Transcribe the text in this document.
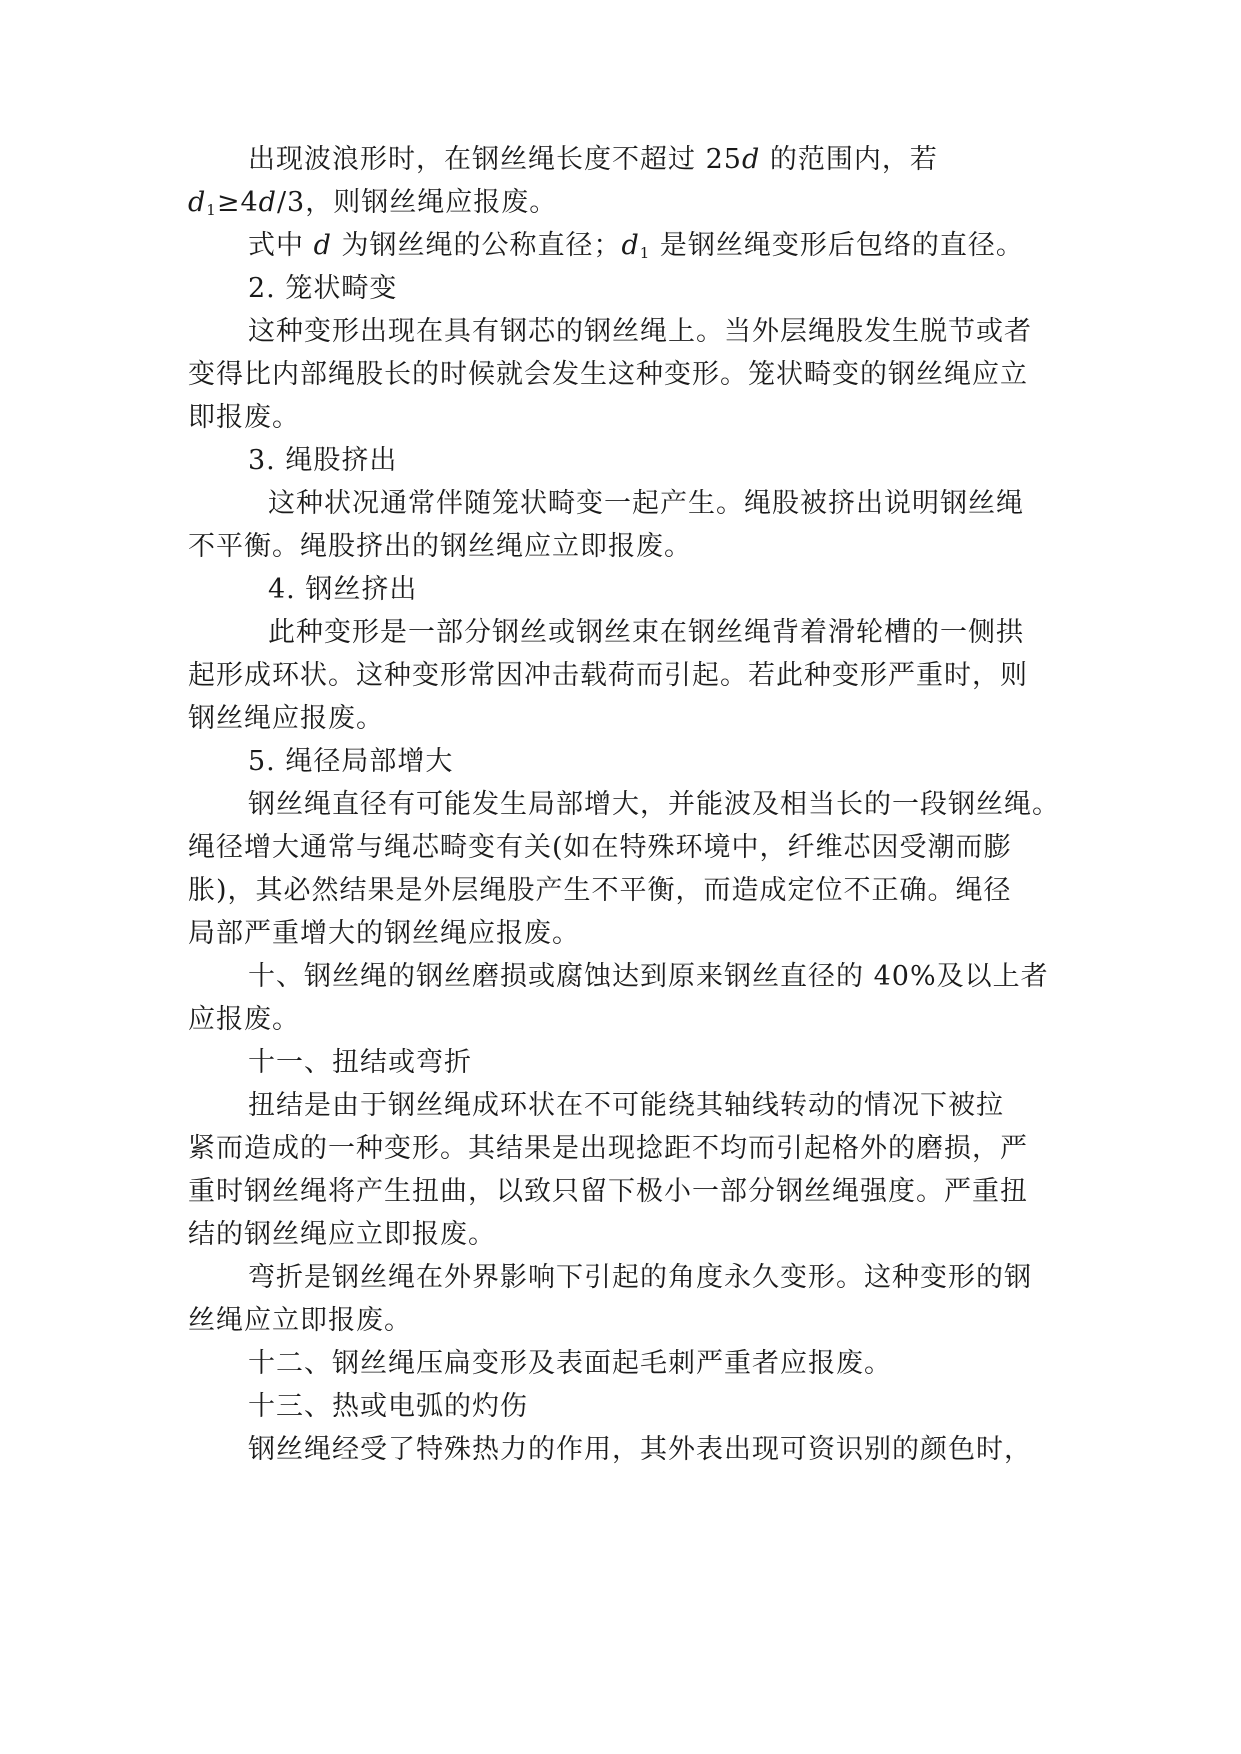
出现波浪形时，在钢丝绳长度不超过 25d 的范围内，若
$d_1\ge 4d/3$，则钢丝绳应报废。
式中 d 为钢丝绳的公称直径；$d_1$ 是钢丝绳变形后包络的直径。
2. 笼状畸变
这种变形出现在具有钢芯的钢丝绳上。当外层绳股发生脱节或者
变得比内部绳股长的时候就会发生这种变形。笼状畸变的钢丝绳应立
即报废。
3. 绳股挤出
这种状况通常伴随笼状畸变一起产生。绳股被挤出说明钢丝绳
不平衡。绳股挤出的钢丝绳应立即报废。
4. 钢丝挤出
此种变形是一部分钢丝或钢丝束在钢丝绳背着滑轮槽的一侧拱
起形成环状。这种变形常因冲击载荷而引起。若此种变形严重时，则
钢丝绳应报废。
5. 绳径局部增大
钢丝绳直径有可能发生局部增大，并能波及相当长的一段钢丝绳。
绳径增大通常与绳芯畸变有关(如在特殊环境中，纤维芯因受潮而膨
胀)，其必然结果是外层绳股产生不平衡，而造成定位不正确。绳径
局部严重增大的钢丝绳应报废。
十、钢丝绳的钢丝磨损或腐蚀达到原来钢丝直径的 40%及以上者
应报废。
十一、扭结或弯折
扭结是由于钢丝绳成环状在不可能绕其轴线转动的情况下被拉
紧而造成的一种变形。其结果是出现捻距不均而引起格外的磨损，严
重时钢丝绳将产生扭曲，以致只留下极小一部分钢丝绳强度。严重扭
结的钢丝绳应立即报废。
弯折是钢丝绳在外界影响下引起的角度永久变形。这种变形的钢
丝绳应立即报废。
十二、钢丝绳压扁变形及表面起毛刺严重者应报废。
十三、热或电弧的灼伤
钢丝绳经受了特殊热力的作用，其外表出现可资识别的颜色时，
